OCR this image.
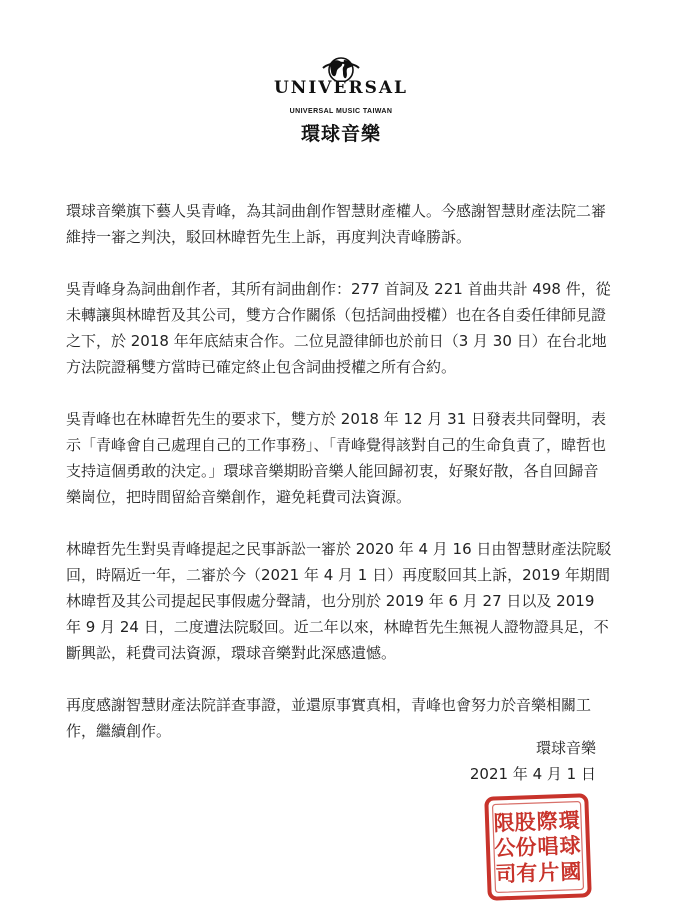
UNIVERSAL
UNIVERSAL MUSIC TAIWAN
環球音樂

環球音樂旗下藝人吳青峰，為其詞曲創作智慧財產權人。今感謝智慧財產法院二審維持一審之判決，駁回林暐哲先生上訴，再度判決青峰勝訴。

吳青峰身為詞曲創作者，其所有詞曲創作：277 首詞及 221 首曲共計 498 件，從未轉讓與林暐哲及其公司，雙方合作關係（包括詞曲授權）也在各自委任律師見證之下，於 2018 年年底結束合作。二位見證律師也於前日（3 月 30 日）在台北地方法院證稱雙方當時已確定終止包含詞曲授權之所有合約。

吳青峰也在林暐哲先生的要求下，雙方於 2018 年 12 月 31 日發表共同聲明，表示「青峰會自己處理自己的工作事務」、「青峰覺得該對自己的生命負責了，暐哲也支持這個勇敢的決定。」環球音樂期盼音樂人能回歸初衷，好聚好散，各自回歸音樂崗位，把時間留給音樂創作，避免耗費司法資源。

林暐哲先生對吳青峰提起之民事訴訟一審於 2020 年 4 月 16 日由智慧財產法院駁回，時隔近一年，二審於今（2021 年 4 月 1 日）再度駁回其上訴，2019 年期間林暐哲及其公司提起民事假處分聲請，也分別於 2019 年 6 月 27 日以及 2019 年 9 月 24 日，二度遭法院駁回。近二年以來，林暐哲先生無視人證物證具足，不斷興訟，耗費司法資源，環球音樂對此深感遺憾。

再度感謝智慧財產法院詳查事證，並還原事實真相，青峰也會努力於音樂相關工作，繼續創作。

環球音樂
2021 年 4 月 1 日
環
球
國
際
唱
片
股
份
有
限
公
司
